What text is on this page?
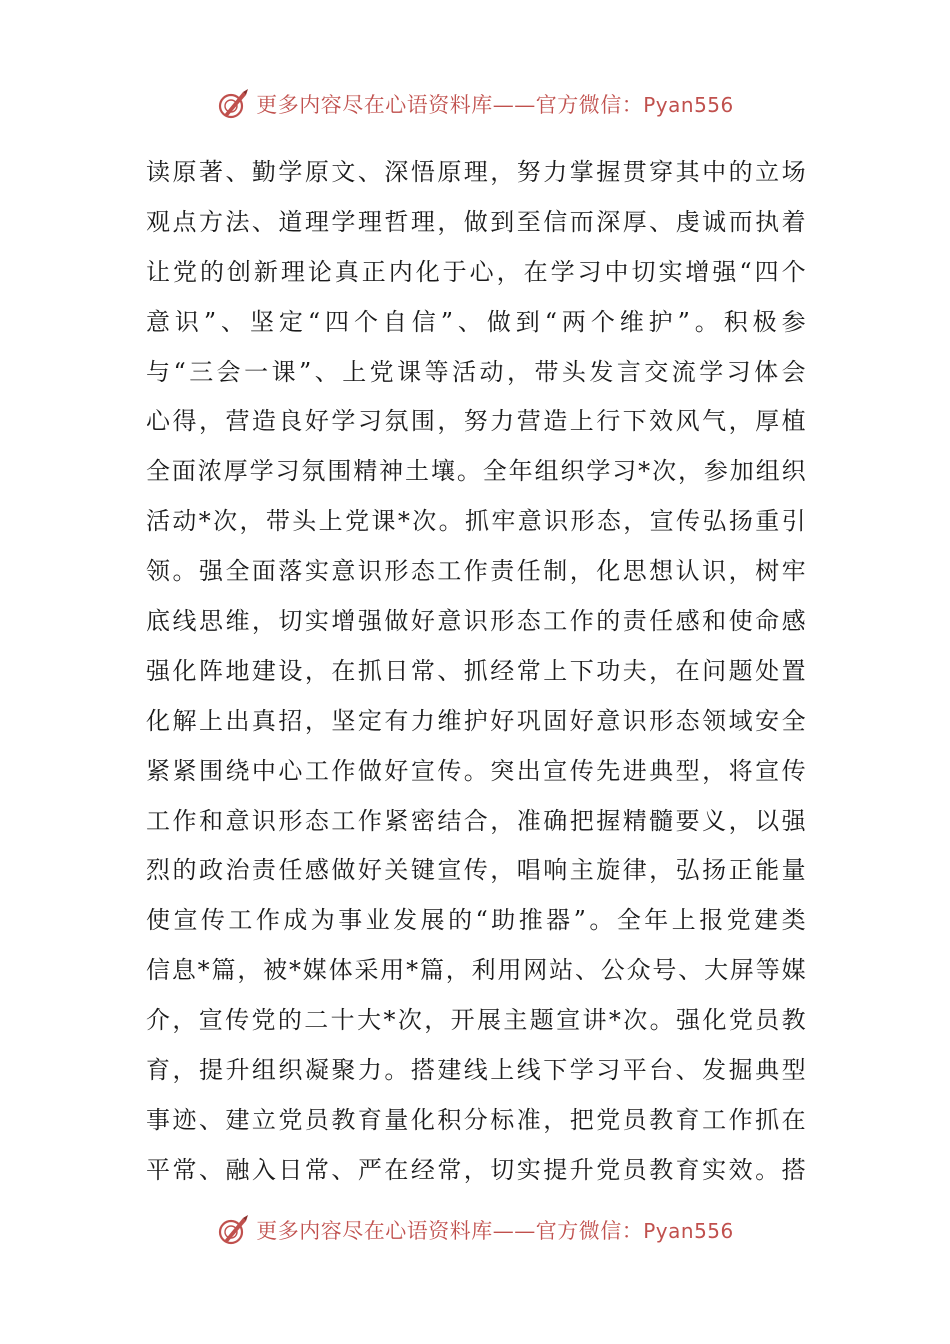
更多内容尽在心语资料库——官方微信：Pyan556
读原著、勤学原文、深悟原理，努力掌握贯穿其中的立场
观点方法、道理学理哲理，做到至信而深厚、虔诚而执着
让党的创新理论真正内化于心，在学习中切实增强“四个
意识”、坚定“四个自信”、做到“两个维护”。积极参
与“三会一课”、上党课等活动，带头发言交流学习体会
心得，营造良好学习氛围，努力营造上行下效风气，厚植
全面浓厚学习氛围精神土壤。全年组织学习*次，参加组织
活动*次，带头上党课*次。抓牢意识形态，宣传弘扬重引
领。强全面落实意识形态工作责任制，化思想认识，树牢
底线思维，切实增强做好意识形态工作的责任感和使命感
强化阵地建设，在抓日常、抓经常上下功夫，在问题处置
化解上出真招，坚定有力维护好巩固好意识形态领域安全
紧紧围绕中心工作做好宣传。突出宣传先进典型，将宣传
工作和意识形态工作紧密结合，准确把握精髓要义，以强
烈的政治责任感做好关键宣传，唱响主旋律，弘扬正能量
使宣传工作成为事业发展的“助推器”。全年上报党建类
信息*篇，被*媒体采用*篇，利用网站、公众号、大屏等媒
介，宣传党的二十大*次，开展主题宣讲*次。强化党员教
育，提升组织凝聚力。搭建线上线下学习平台、发掘典型
事迹、建立党员教育量化积分标准，把党员教育工作抓在
平常、融入日常、严在经常，切实提升党员教育实效。搭
更多内容尽在心语资料库——官方微信：Pyan556
